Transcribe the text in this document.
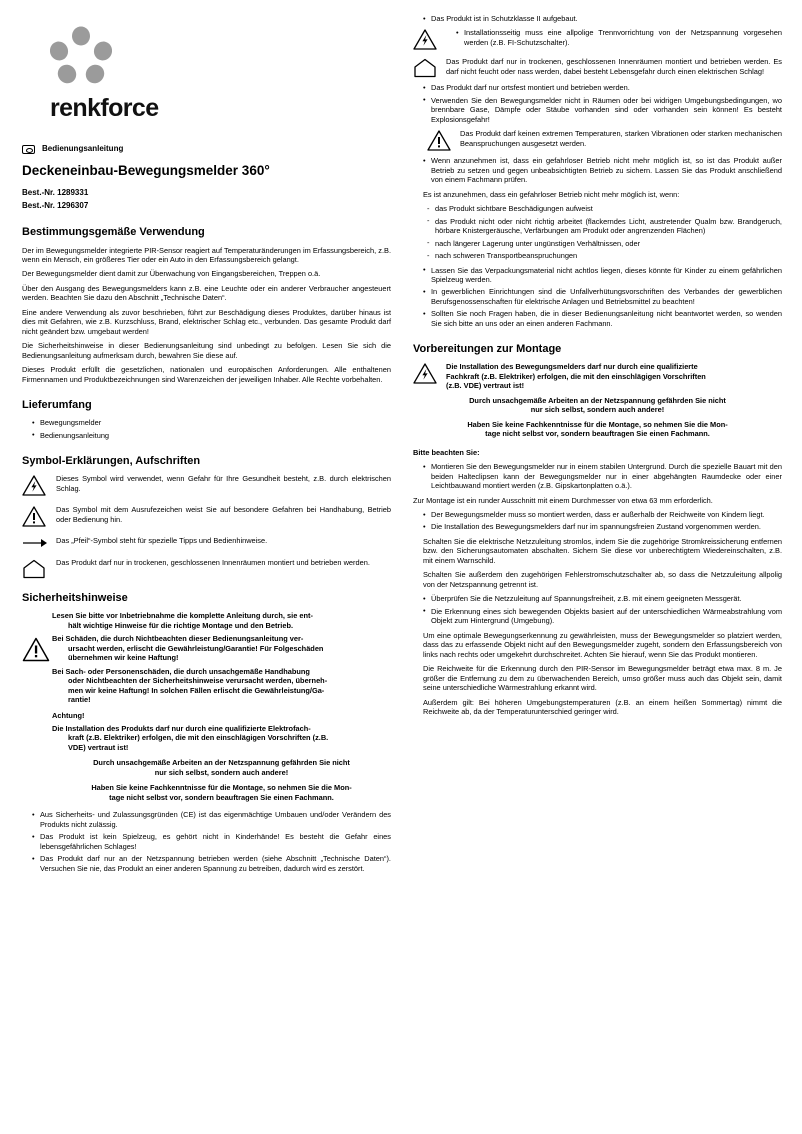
renkforce
Bedienungsanleitung
Deckeneinbau-Bewegungsmelder 360°
Best.-Nr. 1289331
Best.-Nr. 1296307
Bestimmungsgemäße Verwendung

Der im Bewegungsmelder integrierte PIR-Sensor reagiert auf Temperaturänderungen im Erfassungsbereich, z.B. wenn ein Mensch, ein größeres Tier oder ein Auto in den Erfassungsbereich gelangt.

Der Bewegungsmelder dient damit zur Überwachung von Eingangsbereichen, Treppen o.ä.

Über den Ausgang des Bewegungsmelders kann z.B. eine Leuchte oder ein anderer Verbraucher angesteuert werden. Beachten Sie dazu den Abschnitt „Technische Daten“.

Eine andere Verwendung als zuvor beschrieben, führt zur Beschädigung dieses Produktes, darüber hinaus ist dies mit Gefahren, wie z.B. Kurzschluss, Brand, elektrischer Schlag etc., verbunden. Das gesamte Produkt darf nicht geändert bzw. umgebaut werden!

Die Sicherheitshinweise in dieser Bedienungsanleitung sind unbedingt zu befolgen. Lesen Sie sich die Bedienungsanleitung aufmerksam durch, bewahren Sie diese auf.

Dieses Produkt erfüllt die gesetzlichen, nationalen und europäischen Anforderungen. Alle enthaltenen Firmennamen und Produktbezeichnungen sind Warenzeichen der jeweiligen Inhaber. Alle Rechte vorbehalten.

Lieferumfang
• Bewegungsmelder
• Bedienungsanleitung
Symbol-Erklärungen, Aufschriften
Dieses Symbol wird verwendet, wenn Gefahr für Ihre Gesundheit besteht, z.B. durch elektrischen Schlag.
Das Symbol mit dem Ausrufezeichen weist Sie auf besondere Gefahren bei Handhabung, Betrieb oder Bedienung hin.
Das „Pfeil“-Symbol steht für spezielle Tipps und Bedienhinweise.
Das Produkt darf nur in trockenen, geschlossenen Innenräumen montiert und betrieben werden.
Sicherheitshinweise
Lesen Sie bitte vor Inbetriebnahme die komplette Anleitung durch, sie ent-
hält wichtige Hinweise für die richtige Montage und den Betrieb.
Bei Schäden, die durch Nichtbeachten dieser Bedienungsanleitung ver-
ursacht werden, erlischt die Gewährleistung/Garantie! Für Folgeschäden
übernehmen wir keine Haftung!
Bei Sach- oder Personenschäden, die durch unsachgemäße Handhabung
oder Nichtbeachten der Sicherheitshinweise verursacht werden, überneh-
men wir keine Haftung! In solchen Fällen erlischt die Gewährleistung/Ga-
rantie!
Achtung!
Die Installation des Produkts darf nur durch eine qualifizierte Elektrofach-
kraft (z.B. Elektriker) erfolgen, die mit den einschlägigen Vorschriften (z.B.
VDE) vertraut ist!
Durch unsachgemäße Arbeiten an der Netzspannung gefährden Sie nicht
nur sich selbst, sondern auch andere!
Haben Sie keine Fachkenntnisse für die Montage, so nehmen Sie die Mon-
tage nicht selbst vor, sondern beauftragen Sie einen Fachmann.
• Aus Sicherheits- und Zulassungsgründen (CE) ist das eigenmächtige Umbauen und/oder Verändern des Produkts nicht zulässig.
• Das Produkt ist kein Spielzeug, es gehört nicht in Kinderhände! Es besteht die Gefahr eines lebensgefährlichen Schlages!
• Das Produkt darf nur an der Netzspannung betrieben werden (siehe Abschnitt „Technische Daten“). Versuchen Sie nie, das Produkt an einer anderen Spannung zu betreiben, dadurch wird es zerstört.
• Das Produkt ist in Schutzklasse II aufgebaut.
• Installationsseitig muss eine allpolige Trennvorrichtung von der Netzspannung vorgesehen werden (z.B. FI-Schutzschalter).
Das Produkt darf nur in trockenen, geschlossenen Innenräumen montiert und betrieben werden. Es darf nicht feucht oder nass werden, dabei besteht Lebensgefahr durch einen elektrischen Schlag!
• Das Produkt darf nur ortsfest montiert und betrieben werden.
• Verwenden Sie den Bewegungsmelder nicht in Räumen oder bei widrigen Umgebungsbedingungen, wo brennbare Gase, Dämpfe oder Stäube vorhanden sind oder vorhanden sein können! Es besteht Explosionsgefahr!
Das Produkt darf keinen extremen Temperaturen, starken Vibrationen oder starken mechanischen Beanspruchungen ausgesetzt werden.
• Wenn anzunehmen ist, dass ein gefahrloser Betrieb nicht mehr möglich ist, so ist das Produkt außer Betrieb zu setzen und gegen unbeabsichtigten Betrieb zu sichern. Lassen Sie das Produkt anschließend von einem Fachmann prüfen.

Es ist anzunehmen, dass ein gefahrloser Betrieb nicht mehr möglich ist, wenn:

- das Produkt sichtbare Beschädigungen aufweist
- das Produkt nicht oder nicht richtig arbeitet (flackerndes Licht, austretender Qualm bzw. Brandgeruch, hörbare Knistergeräusche, Verfärbungen am Produkt oder angrenzenden Flächen)
- nach längerer Lagerung unter ungünstigen Verhältnissen, oder
- nach schweren Transportbeanspruchungen
• Lassen Sie das Verpackungsmaterial nicht achtlos liegen, dieses könnte für Kinder zu einem gefährlichen Spielzeug werden.
• In gewerblichen Einrichtungen sind die Unfallverhütungsvorschriften des Verbandes der gewerblichen Berufsgenossenschaften für elektrische Anlagen und Betriebsmittel zu beachten!
• Sollten Sie noch Fragen haben, die in dieser Bedienungsanleitung nicht beantwortet werden, so wenden Sie sich bitte an uns oder an einen anderen Fachmann.
Vorbereitungen zur Montage
Die Installation des Bewegungsmelders darf nur durch eine qualifizierte
Fachkraft (z.B. Elektriker) erfolgen, die mit den einschlägigen Vorschriften
(z.B. VDE) vertraut ist!
Durch unsachgemäße Arbeiten an der Netzspannung gefährden Sie nicht
nur sich selbst, sondern auch andere!
Haben Sie keine Fachkenntnisse für die Montage, so nehmen Sie die Mon-
tage nicht selbst vor, sondern beauftragen Sie einen Fachmann.

Bitte beachten Sie:

• Montieren Sie den Bewegungsmelder nur in einem stabilen Untergrund. Durch die spezielle Bauart mit den beiden Halteclipsen kann der Bewegungsmelder nur in einer abgehängten Raumdecke oder einer Leichtbauwand montiert werden (z.B. Gipskartonplatten o.ä.).

Zur Montage ist ein runder Ausschnitt mit einem Durchmesser von etwa 63 mm erforderlich.

• Der Bewegungsmelder muss so montiert werden, dass er außerhalb der Reichweite von Kindern liegt.
• Die Installation des Bewegungsmelders darf nur im spannungsfreien Zustand vorgenommen werden.

Schalten Sie die elektrische Netzzuleitung stromlos, indem Sie die zugehörige Stromkreissicherung entfernen bzw. den Sicherungsautomaten abschalten. Sichern Sie diese vor unberechtigtem Wiedereinschalten, z.B. mit einem Warnschild.

Schalten Sie außerdem den zugehörigen Fehlerstromschutzschalter ab, so dass die Netzzuleitung allpolig von der Netzspannung getrennt ist.

• Überprüfen Sie die Netzzuleitung auf Spannungsfreiheit, z.B. mit einem geeigneten Messgerät.
• Die Erkennung eines sich bewegenden Objekts basiert auf der unterschiedlichen Wärmeabstrahlung vom Objekt zum Hintergrund (Umgebung).

Um eine optimale Bewegungserkennung zu gewährleisten, muss der Bewegungsmelder so platziert werden, dass das zu erfassende Objekt nicht auf den Bewegungsmelder zugeht, sondern den Erfassungsbereich von links nach rechts oder umgekehrt durchschreitet. Achten Sie hierauf, wenn Sie das Produkt montieren.

Die Reichweite für die Erkennung durch den PIR-Sensor im Bewegungsmelder beträgt etwa max. 8 m. Je größer die Entfernung zu dem zu überwachenden Bereich, umso größer muss auch das Objekt sein, damit seine unterschiedliche Wärmestrahlung erkannt wird.

Außerdem gilt: Bei höheren Umgebungstemperaturen (z.B. an einem heißen Sommertag) nimmt die Reichweite ab, da der Temperaturunterschied geringer wird.
